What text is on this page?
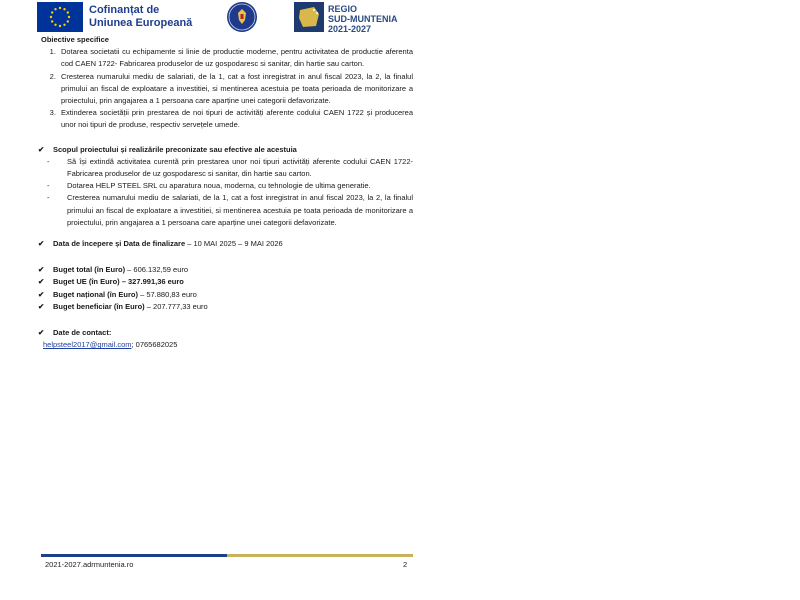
Cofinanțat de
Uniunea Europeană
REGIO
SUD-MUNTENIA
2021-2027
Obiective specifice
1. Dotarea societatii cu echipamente si linie de productie moderne, pentru activitatea de productie aferenta cod CAEN 1722- Fabricarea produselor de uz gospodaresc si sanitar, din hartie sau carton.
2. Cresterea numarului mediu de salariati, de la 1, cat a fost inregistrat in anul fiscal 2023, la 2, la finalul primului an fiscal de exploatare a investitiei, si mentinerea acestuia pe toata perioada de monitorizare a proiectului, prin angajarea a 1 persoana care aparține unei categorii defavorizate.
3. Extinderea societății prin prestarea de noi tipuri de activități aferente codului CAEN 1722 și producerea unor noi tipuri de produse, respectiv servețele umede.
✔ Scopul proiectului și realizările preconizate sau efective ale acestuia
- Să își extindă activitatea curentă prin prestarea unor noi tipuri activități aferente codului CAEN 1722- Fabricarea produselor de uz gospodaresc si sanitar, din hartie sau carton.
- Dotarea HELP STEEL SRL cu aparatura noua, moderna, cu tehnologie de ultima generatie.
- Cresterea numarului mediu de salariati, de la 1, cat a fost inregistrat in anul fiscal 2023, la 2, la finalul primului an fiscal de exploatare a investitiei, si mentinerea acestuia pe toata perioada de monitorizare a proiectului, prin angajarea a 1 persoana care aparține unei categorii defavorizate.
✔ Data de începere și Data de finalizare – 10 MAI 2025 – 9 MAI 2026
✔ Buget total (în Euro) – 606.132,59 euro
✔ Buget UE (în Euro) – 327.991,36 euro
✔ Buget național (în Euro) – 57.880,83 euro
✔ Buget beneficiar (în Euro) – 207.777,33 euro
✔ Date de contact:
helpsteel2017@gmail.com; 0765682025
2021-2027.adrmuntenia.ro	2
